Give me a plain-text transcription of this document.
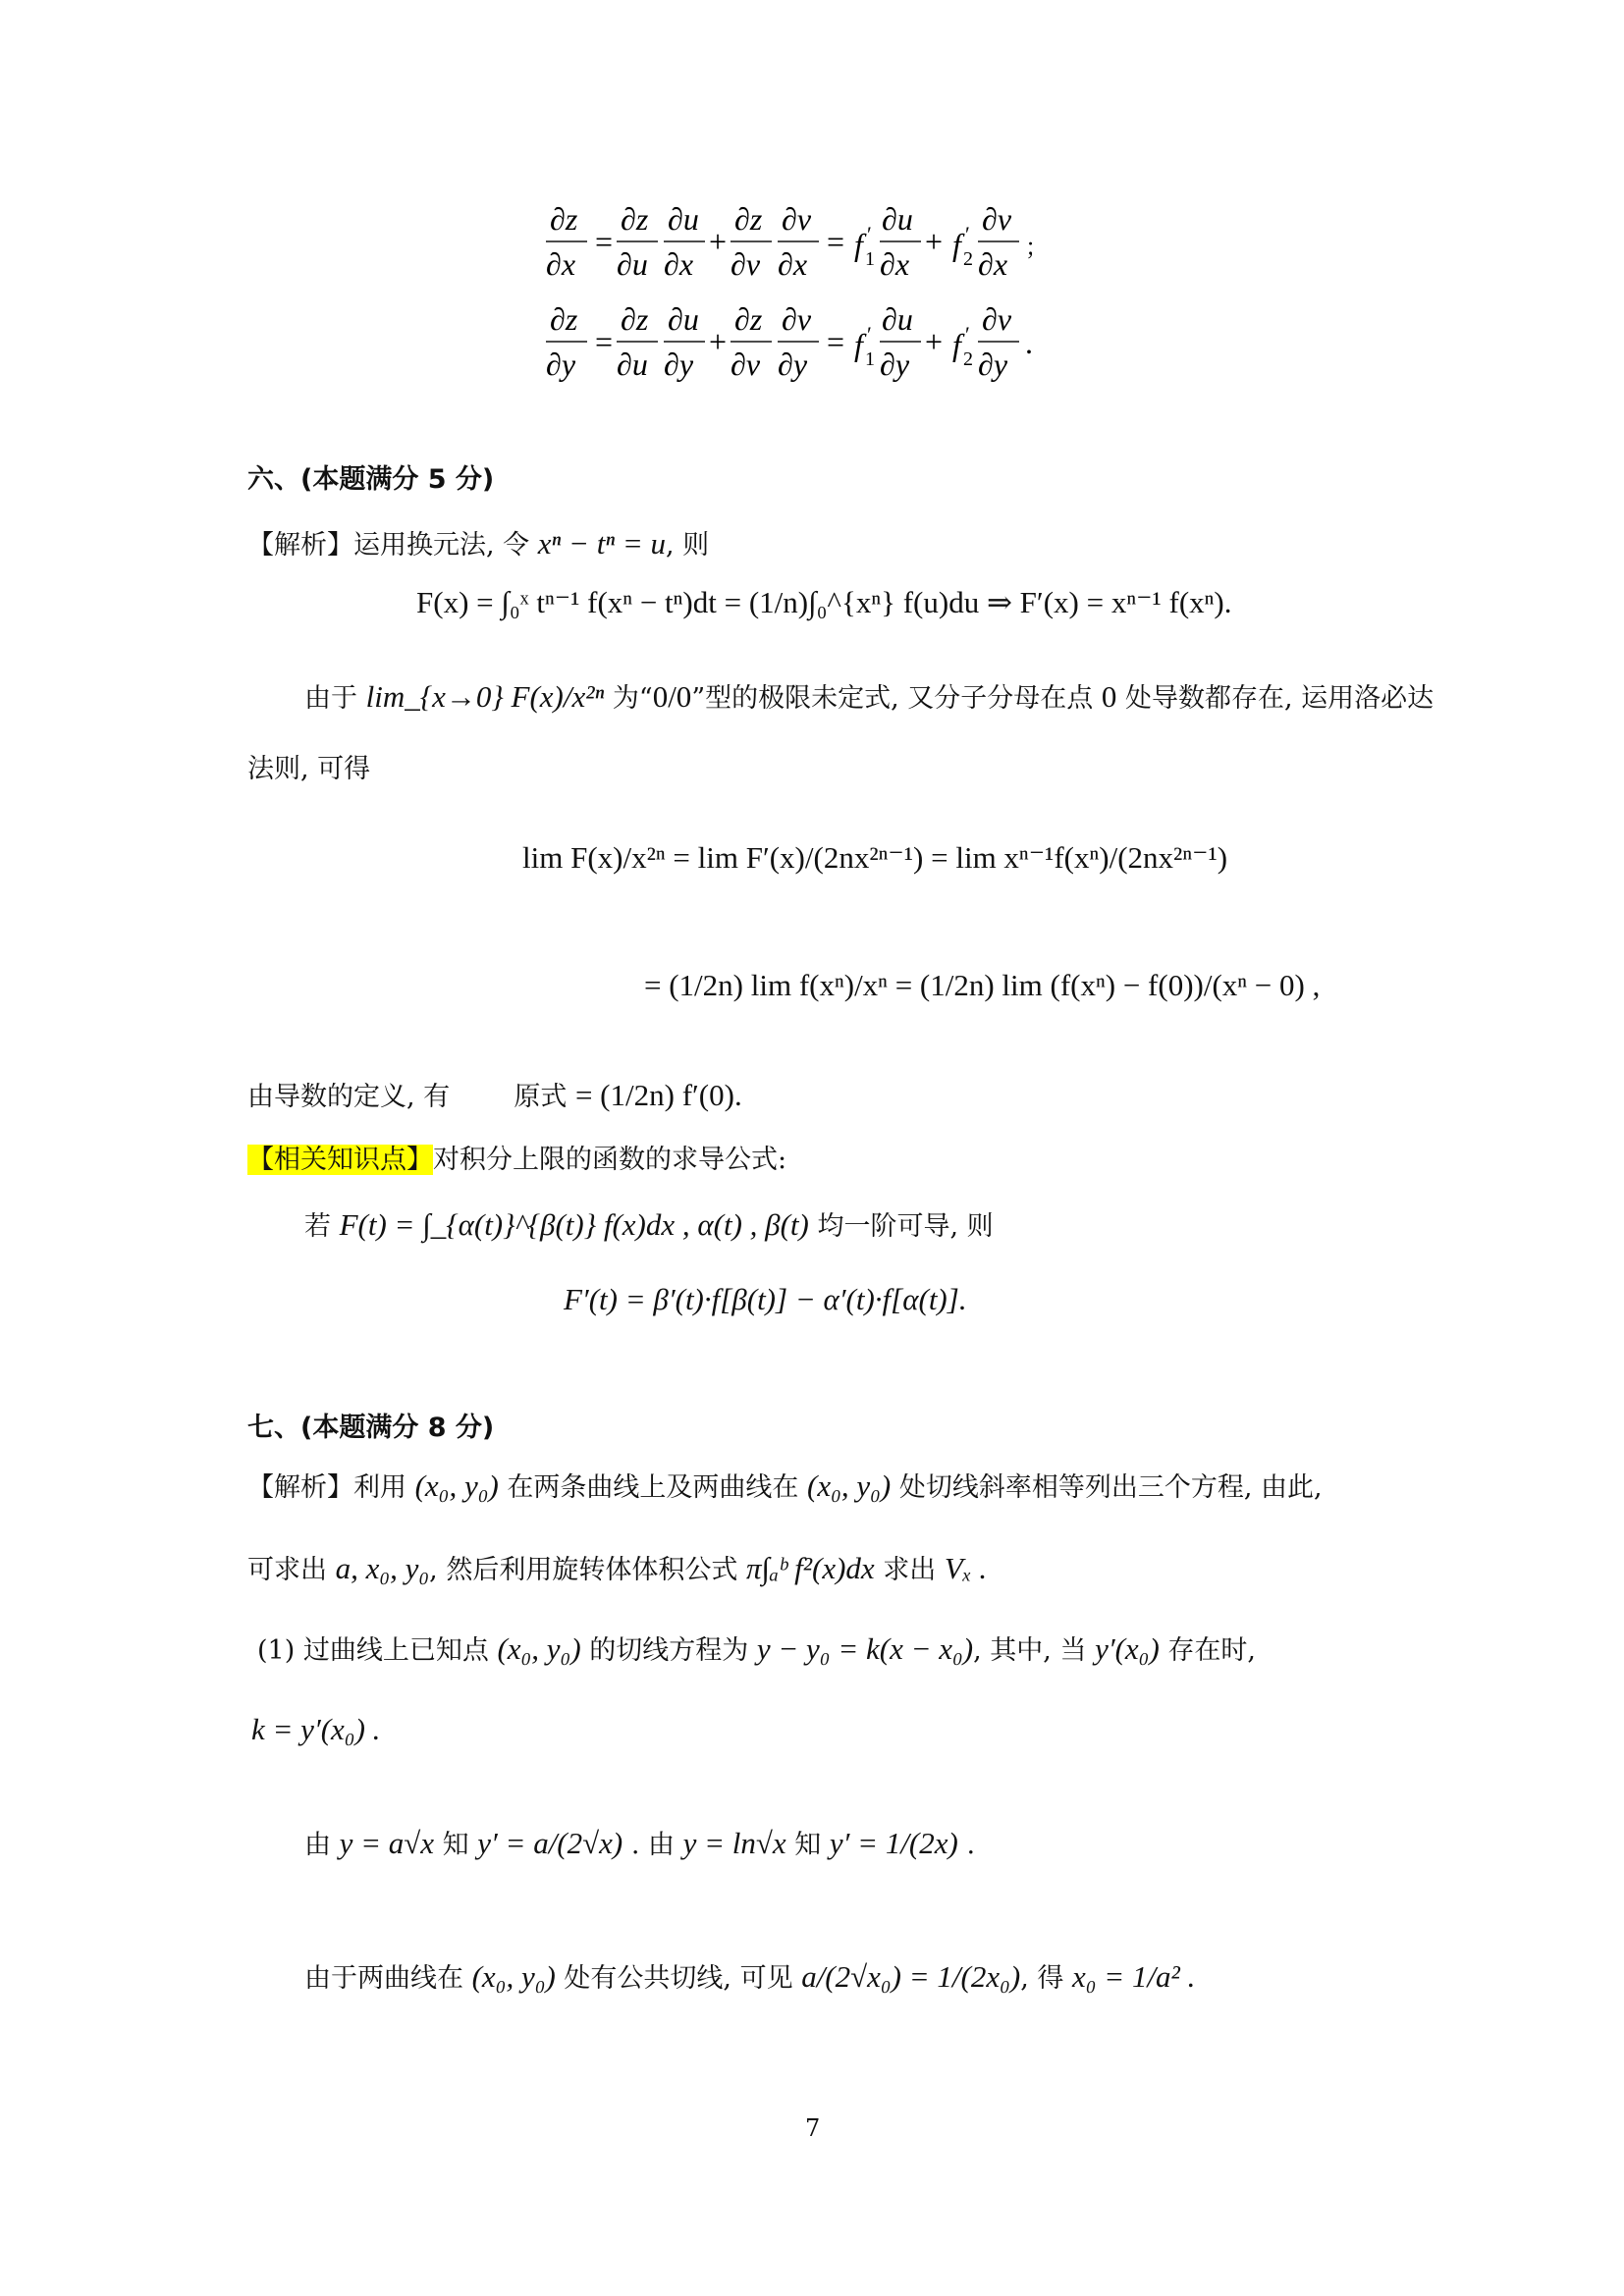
∂z
∂x
=
∂z
∂u
∂u
∂x
+
∂z
∂v
∂v
∂x
= f ′
1
∂u
∂x
+ f ′
2
∂v
∂x ；
∂z
∂y
=
∂z
∂u
∂u
∂y
+
∂z
∂v
∂v
∂y
= f ′
1
∂u
∂y
+ f ′
2
∂v
∂y
.
六、(本题满分 5 分)
【解析】运用换元法, 令 xⁿ − tⁿ = u, 则
F(x) = ∫₀ˣ tⁿ⁻¹ f(xⁿ − tⁿ)dt = (1/n)∫₀^{xⁿ} f(u)du ⇒ F′(x) = xⁿ⁻¹ f(xⁿ).
由于 lim_{x→0} F(x)/x²ⁿ 为“0/0”型的极限未定式, 又分子分母在点 0 处导数都存在, 运用洛必达
法则, 可得
lim F(x)/x²ⁿ = lim F′(x)/(2nx²ⁿ⁻¹) = lim xⁿ⁻¹f(xⁿ)/(2nx²ⁿ⁻¹)
= (1/2n) lim f(xⁿ)/xⁿ = (1/2n) lim (f(xⁿ) − f(0))/(xⁿ − 0) ,
由导数的定义, 有 原式 = (1/2n) f′(0).
【相关知识点】对积分上限的函数的求导公式:
若 F(t) = ∫_{α(t)}^{β(t)} f(x)dx , α(t) , β(t) 均一阶可导, 则
F′(t) = β′(t)·f[β(t)] − α′(t)·f[α(t)].
七、(本题满分 8 分)
【解析】利用 (x₀, y₀) 在两条曲线上及两曲线在 (x₀, y₀) 处切线斜率相等列出三个方程, 由此,
可求出 a, x₀, y₀, 然后利用旋转体体积公式 π∫ₐᵇ f²(x)dx 求出 Vₓ .
(1) 过曲线上已知点 (x₀, y₀) 的切线方程为 y − y₀ = k(x − x₀), 其中, 当 y′(x₀) 存在时,
k = y′(x₀) .
由 y = a√x 知 y′ = a/(2√x) . 由 y = ln√x 知 y′ = 1/(2x) .
由于两曲线在 (x₀, y₀) 处有公共切线, 可见 a/(2√x₀) = 1/(2x₀), 得 x₀ = 1/a² .
7
